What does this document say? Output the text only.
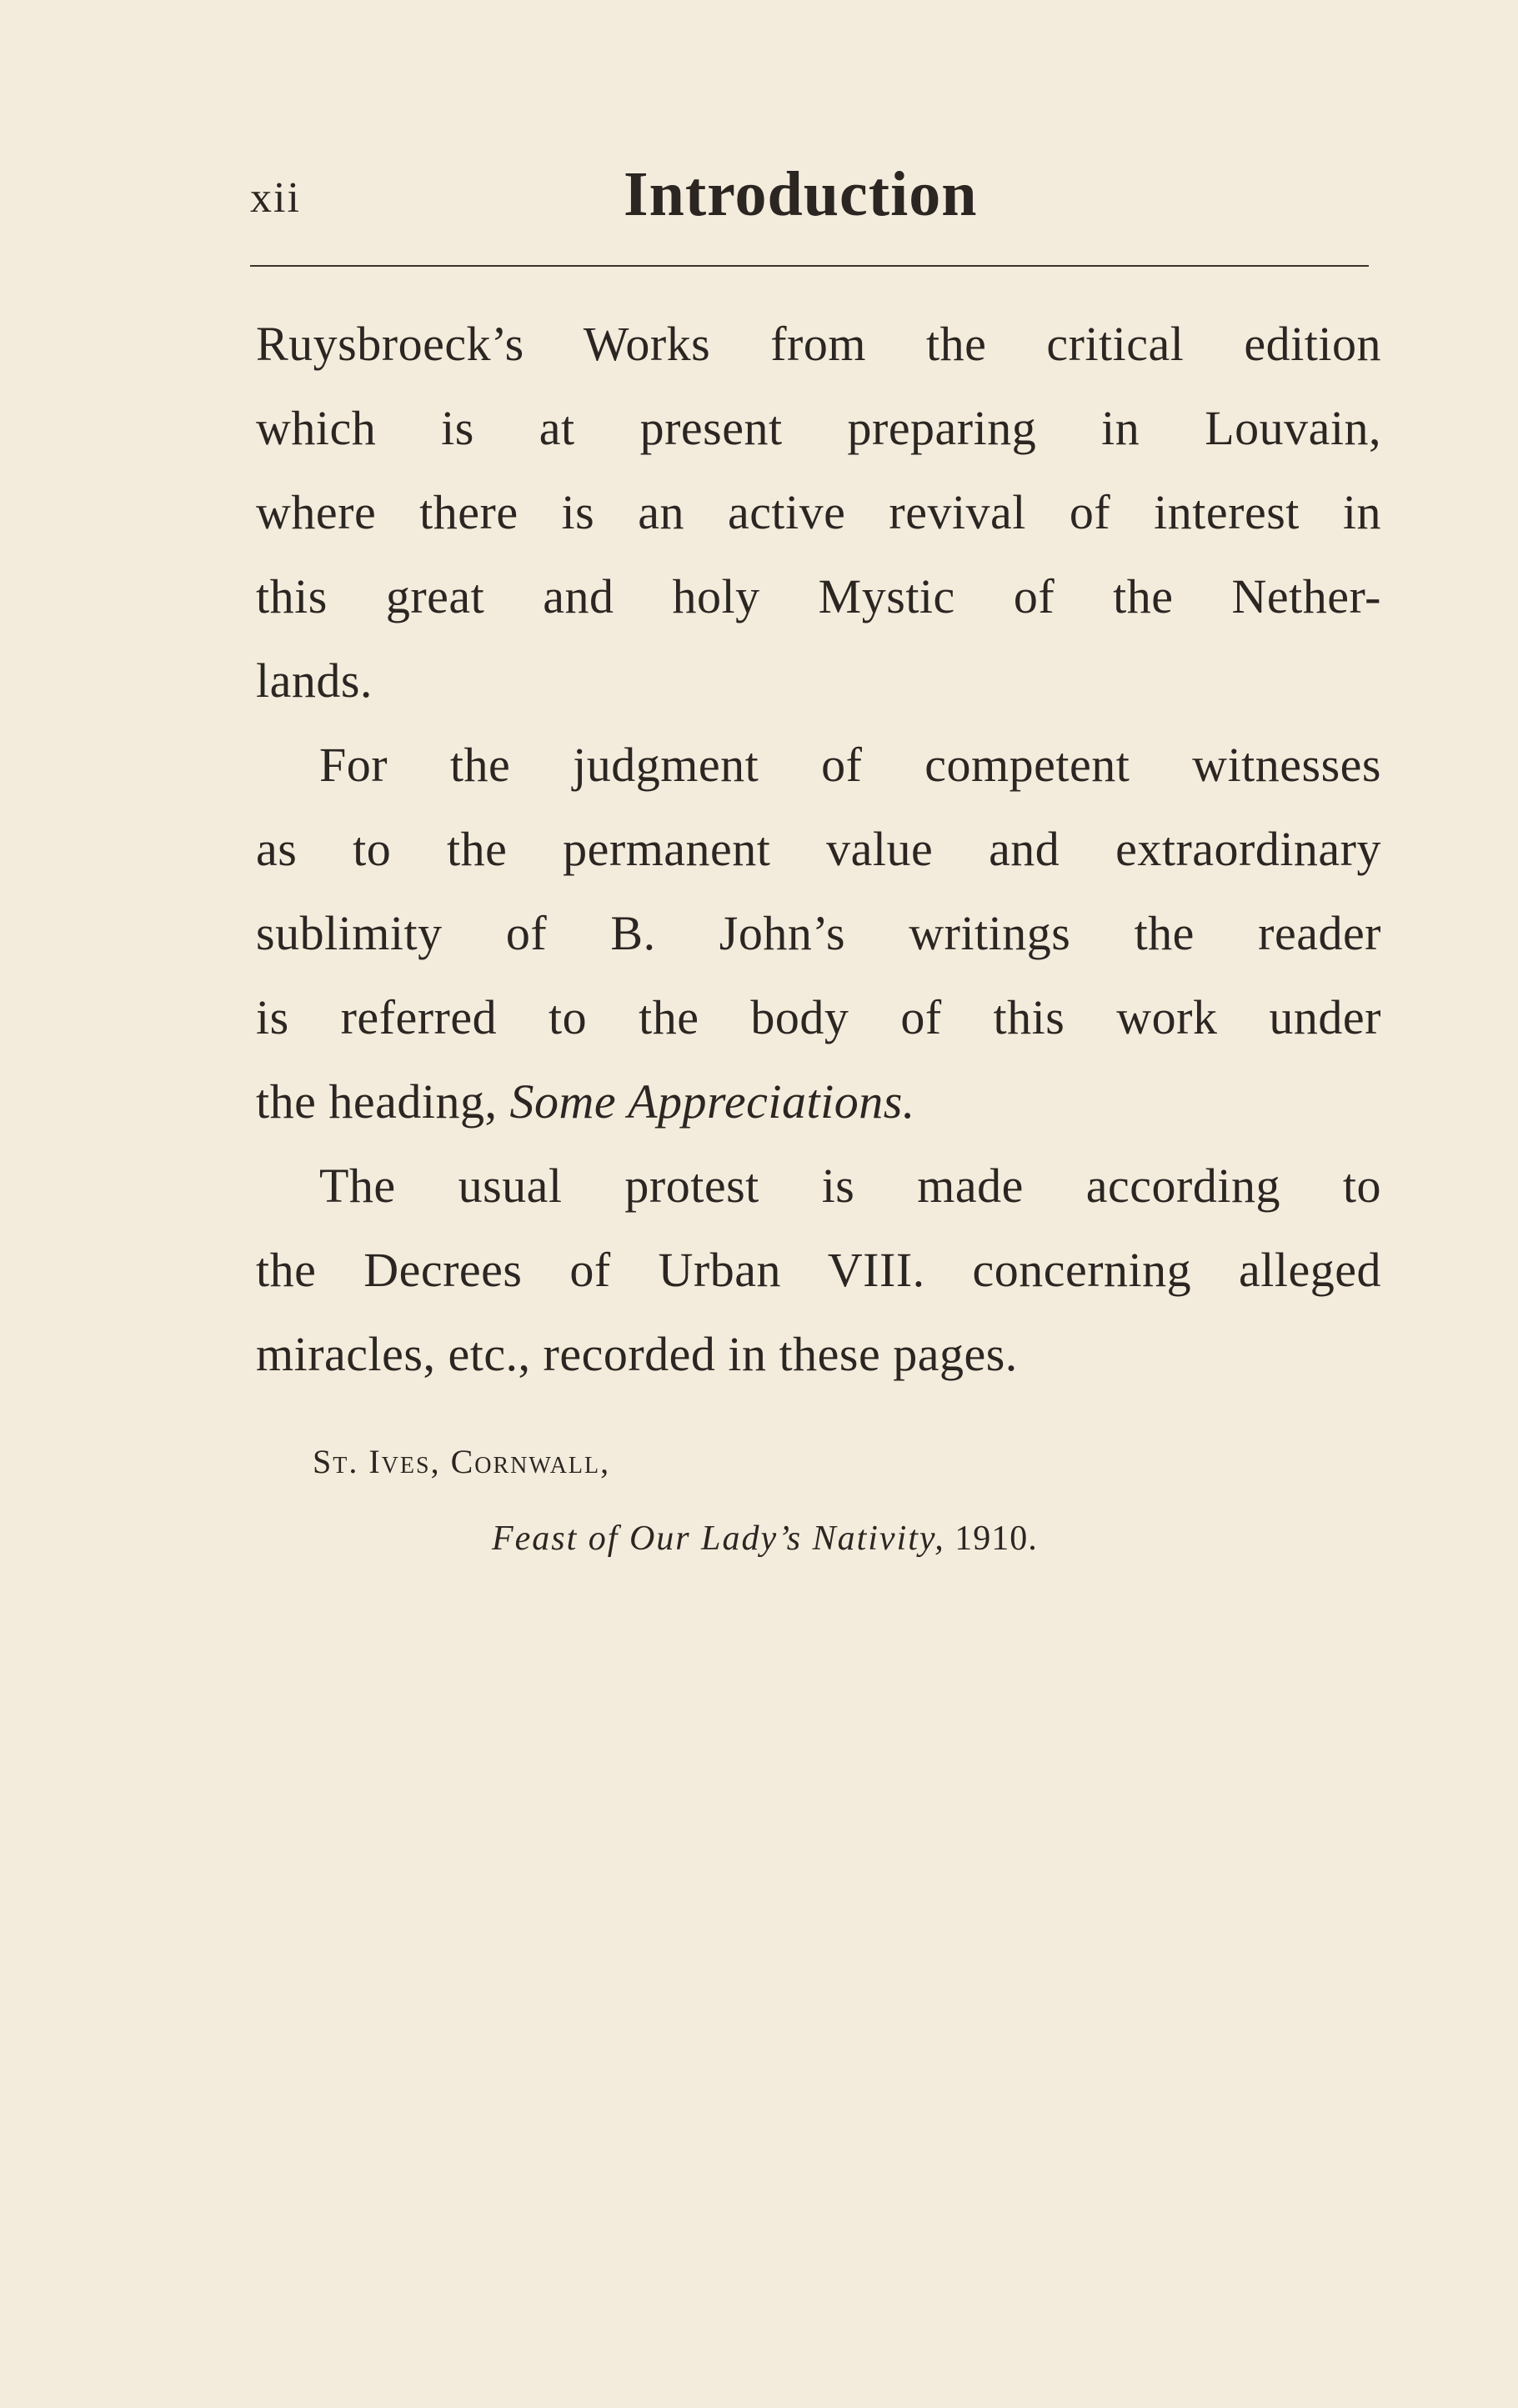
xii	Introduction
Ruysbroeck’s Works from the critical edition
which is at present preparing in Louvain,
where there is an active revival of interest in
this great and holy Mystic of the Nether-
lands.
For the judgment of competent witnesses
as to the permanent value and extraordinary
sublimity of B. John’s writings the reader
is referred to the body of this work under
the heading, Some Appreciations.
The usual protest is made according to
the Decrees of Urban VIII. concerning alleged
miracles, etc., recorded in these pages.
St. Ives, Cornwall,
Feast of Our Lady’s Nativity, 1910.
